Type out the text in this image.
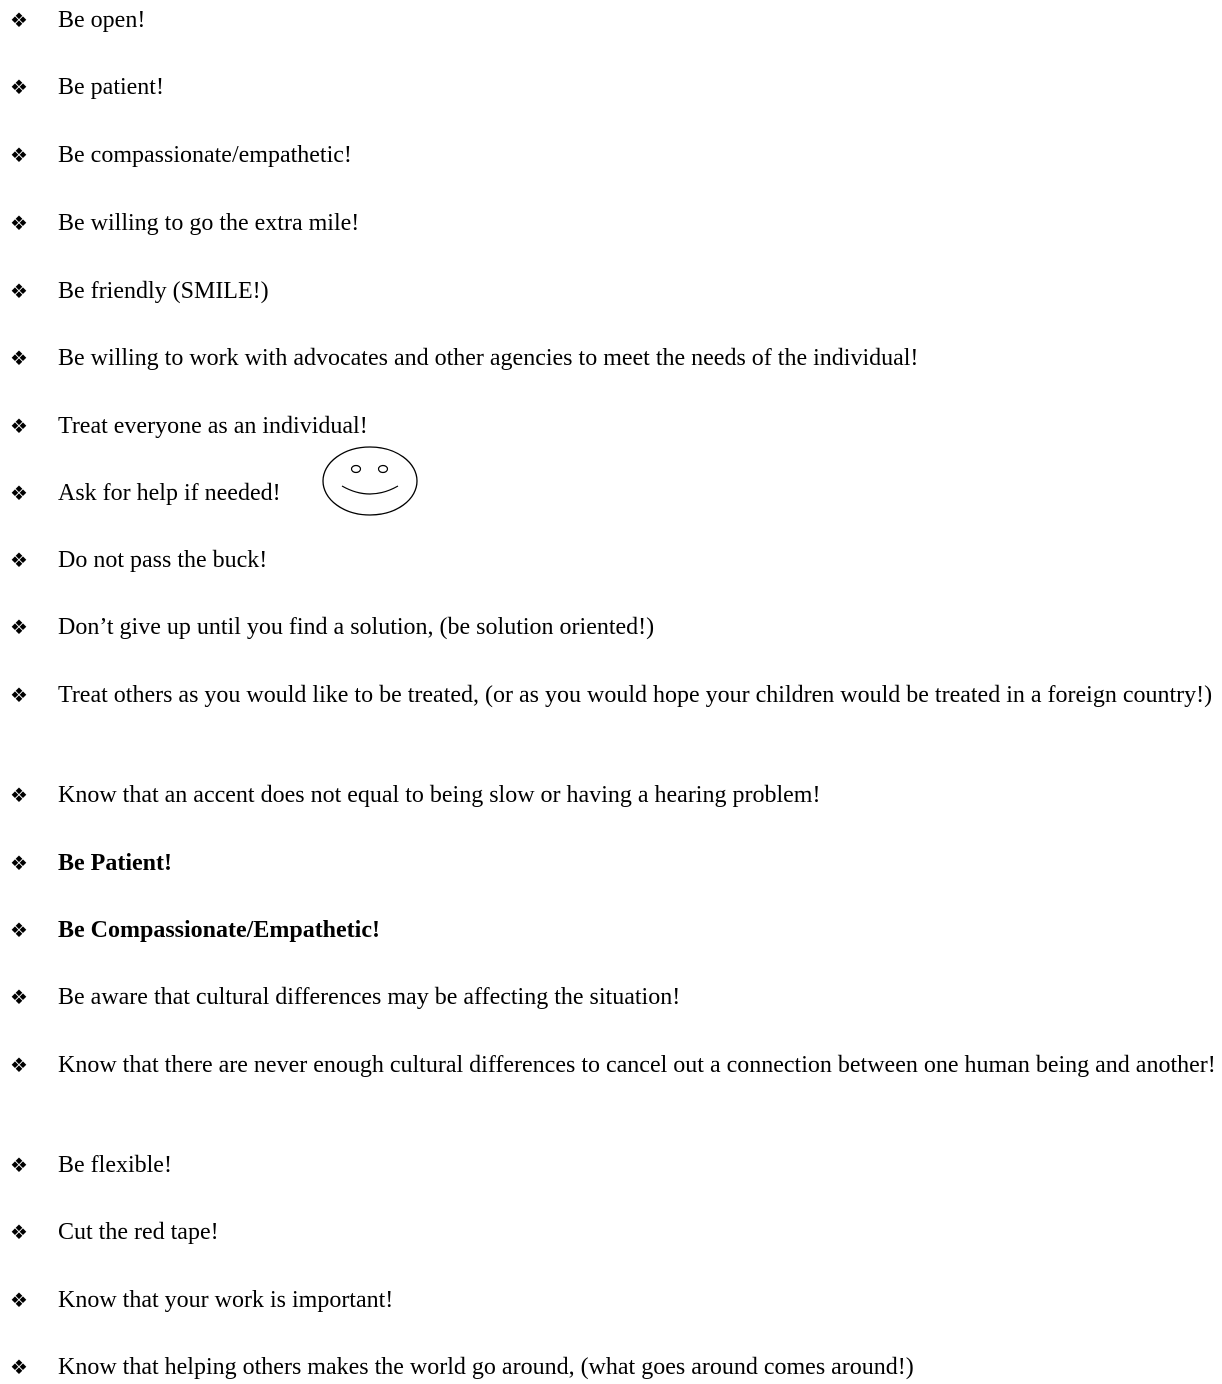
❖	Be open!
❖	Be patient!
❖	Be compassionate/empathetic!
❖	Be willing to go the extra mile!
❖	Be friendly (SMILE!)
❖	Be willing to work with advocates and other agencies to meet the needs of the individual!
❖	Treat everyone as an individual!
❖	Ask for help if needed!
❖	Do not pass the buck!
❖	Don’t give up until you find a solution, (be solution oriented!)
❖	Treat others as you would like to be treated, (or as you would hope your children would be treated in a foreign country!)
❖	Know that an accent does not equal to being slow or having a hearing problem!
❖	Be Patient!
❖	Be Compassionate/Empathetic!
❖	Be aware that cultural differences may be affecting the situation!
❖	Know that there are never enough cultural differences to cancel out a connection between one human being and another!
❖	Be flexible!
❖	Cut the red tape!
❖	Know that your work is important!
❖	Know that helping others makes the world go around, (what goes around comes around!)
